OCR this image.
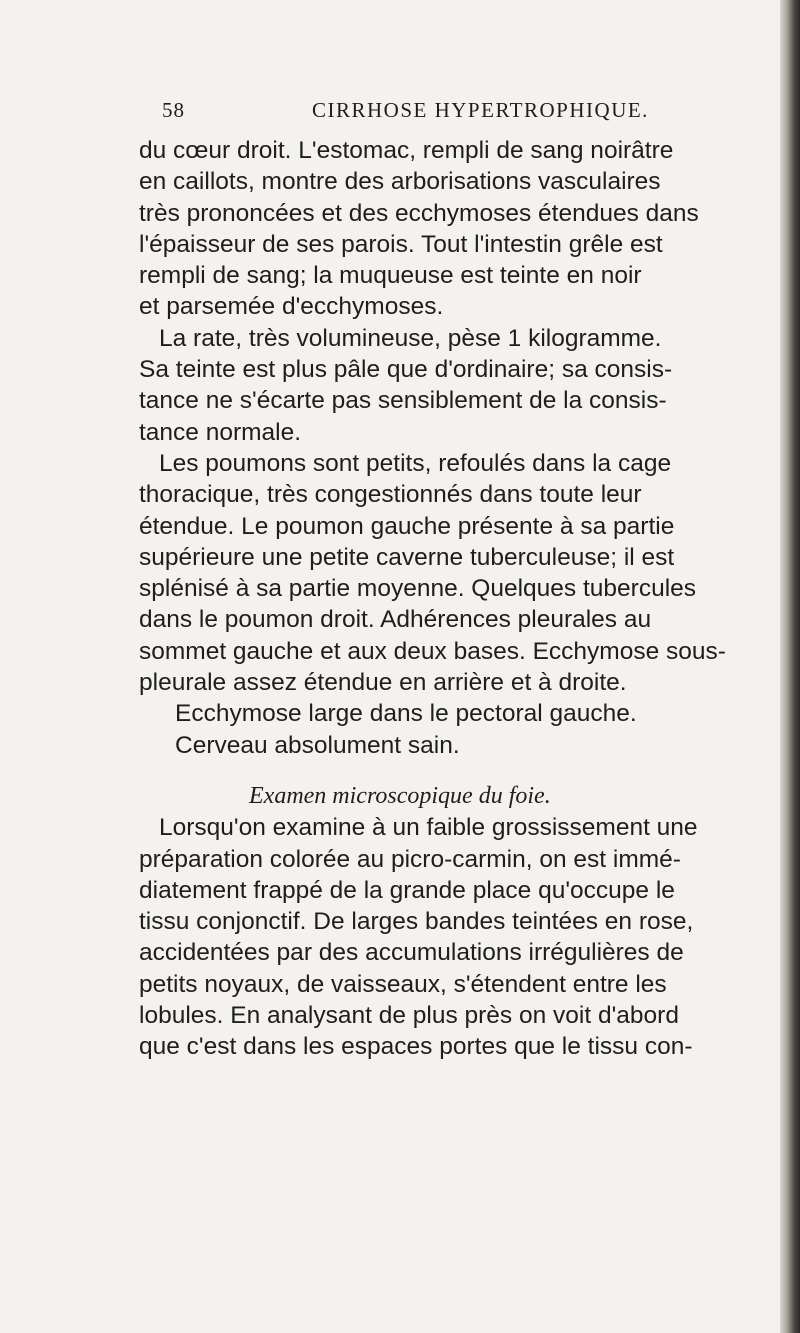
58	CIRRHOSE HYPERTROPHIQUE.
du cœur droit. L'estomac, rempli de sang noirâtre
en caillots, montre des arborisations vasculaires
très prononcées et des ecchymoses étendues dans
l'épaisseur de ses parois. Tout l'intestin grêle est
rempli de sang; la muqueuse est teinte en noir
et parsemée d'ecchymoses.
La rate, très volumineuse, pèse 1 kilogramme.
Sa teinte est plus pâle que d'ordinaire; sa consis-
tance ne s'écarte pas sensiblement de la consis-
tance normale.
Les poumons sont petits, refoulés dans la cage
thoracique, très congestionnés dans toute leur
étendue. Le poumon gauche présente à sa partie
supérieure une petite caverne tuberculeuse; il est
splénisé à sa partie moyenne. Quelques tubercules
dans le poumon droit. Adhérences pleurales au
sommet gauche et aux deux bases. Ecchymose sous-
pleurale assez étendue en arrière et à droite.
Ecchymose large dans le pectoral gauche.
Cerveau absolument sain.
Examen microscopique du foie.
Lorsqu'on examine à un faible grossissement une
préparation colorée au picro-carmin, on est immé-
diatement frappé de la grande place qu'occupe le
tissu conjonctif. De larges bandes teintées en rose,
accidentées par des accumulations irrégulières de
petits noyaux, de vaisseaux, s'étendent entre les
lobules. En analysant de plus près on voit d'abord
que c'est dans les espaces portes que le tissu con-
